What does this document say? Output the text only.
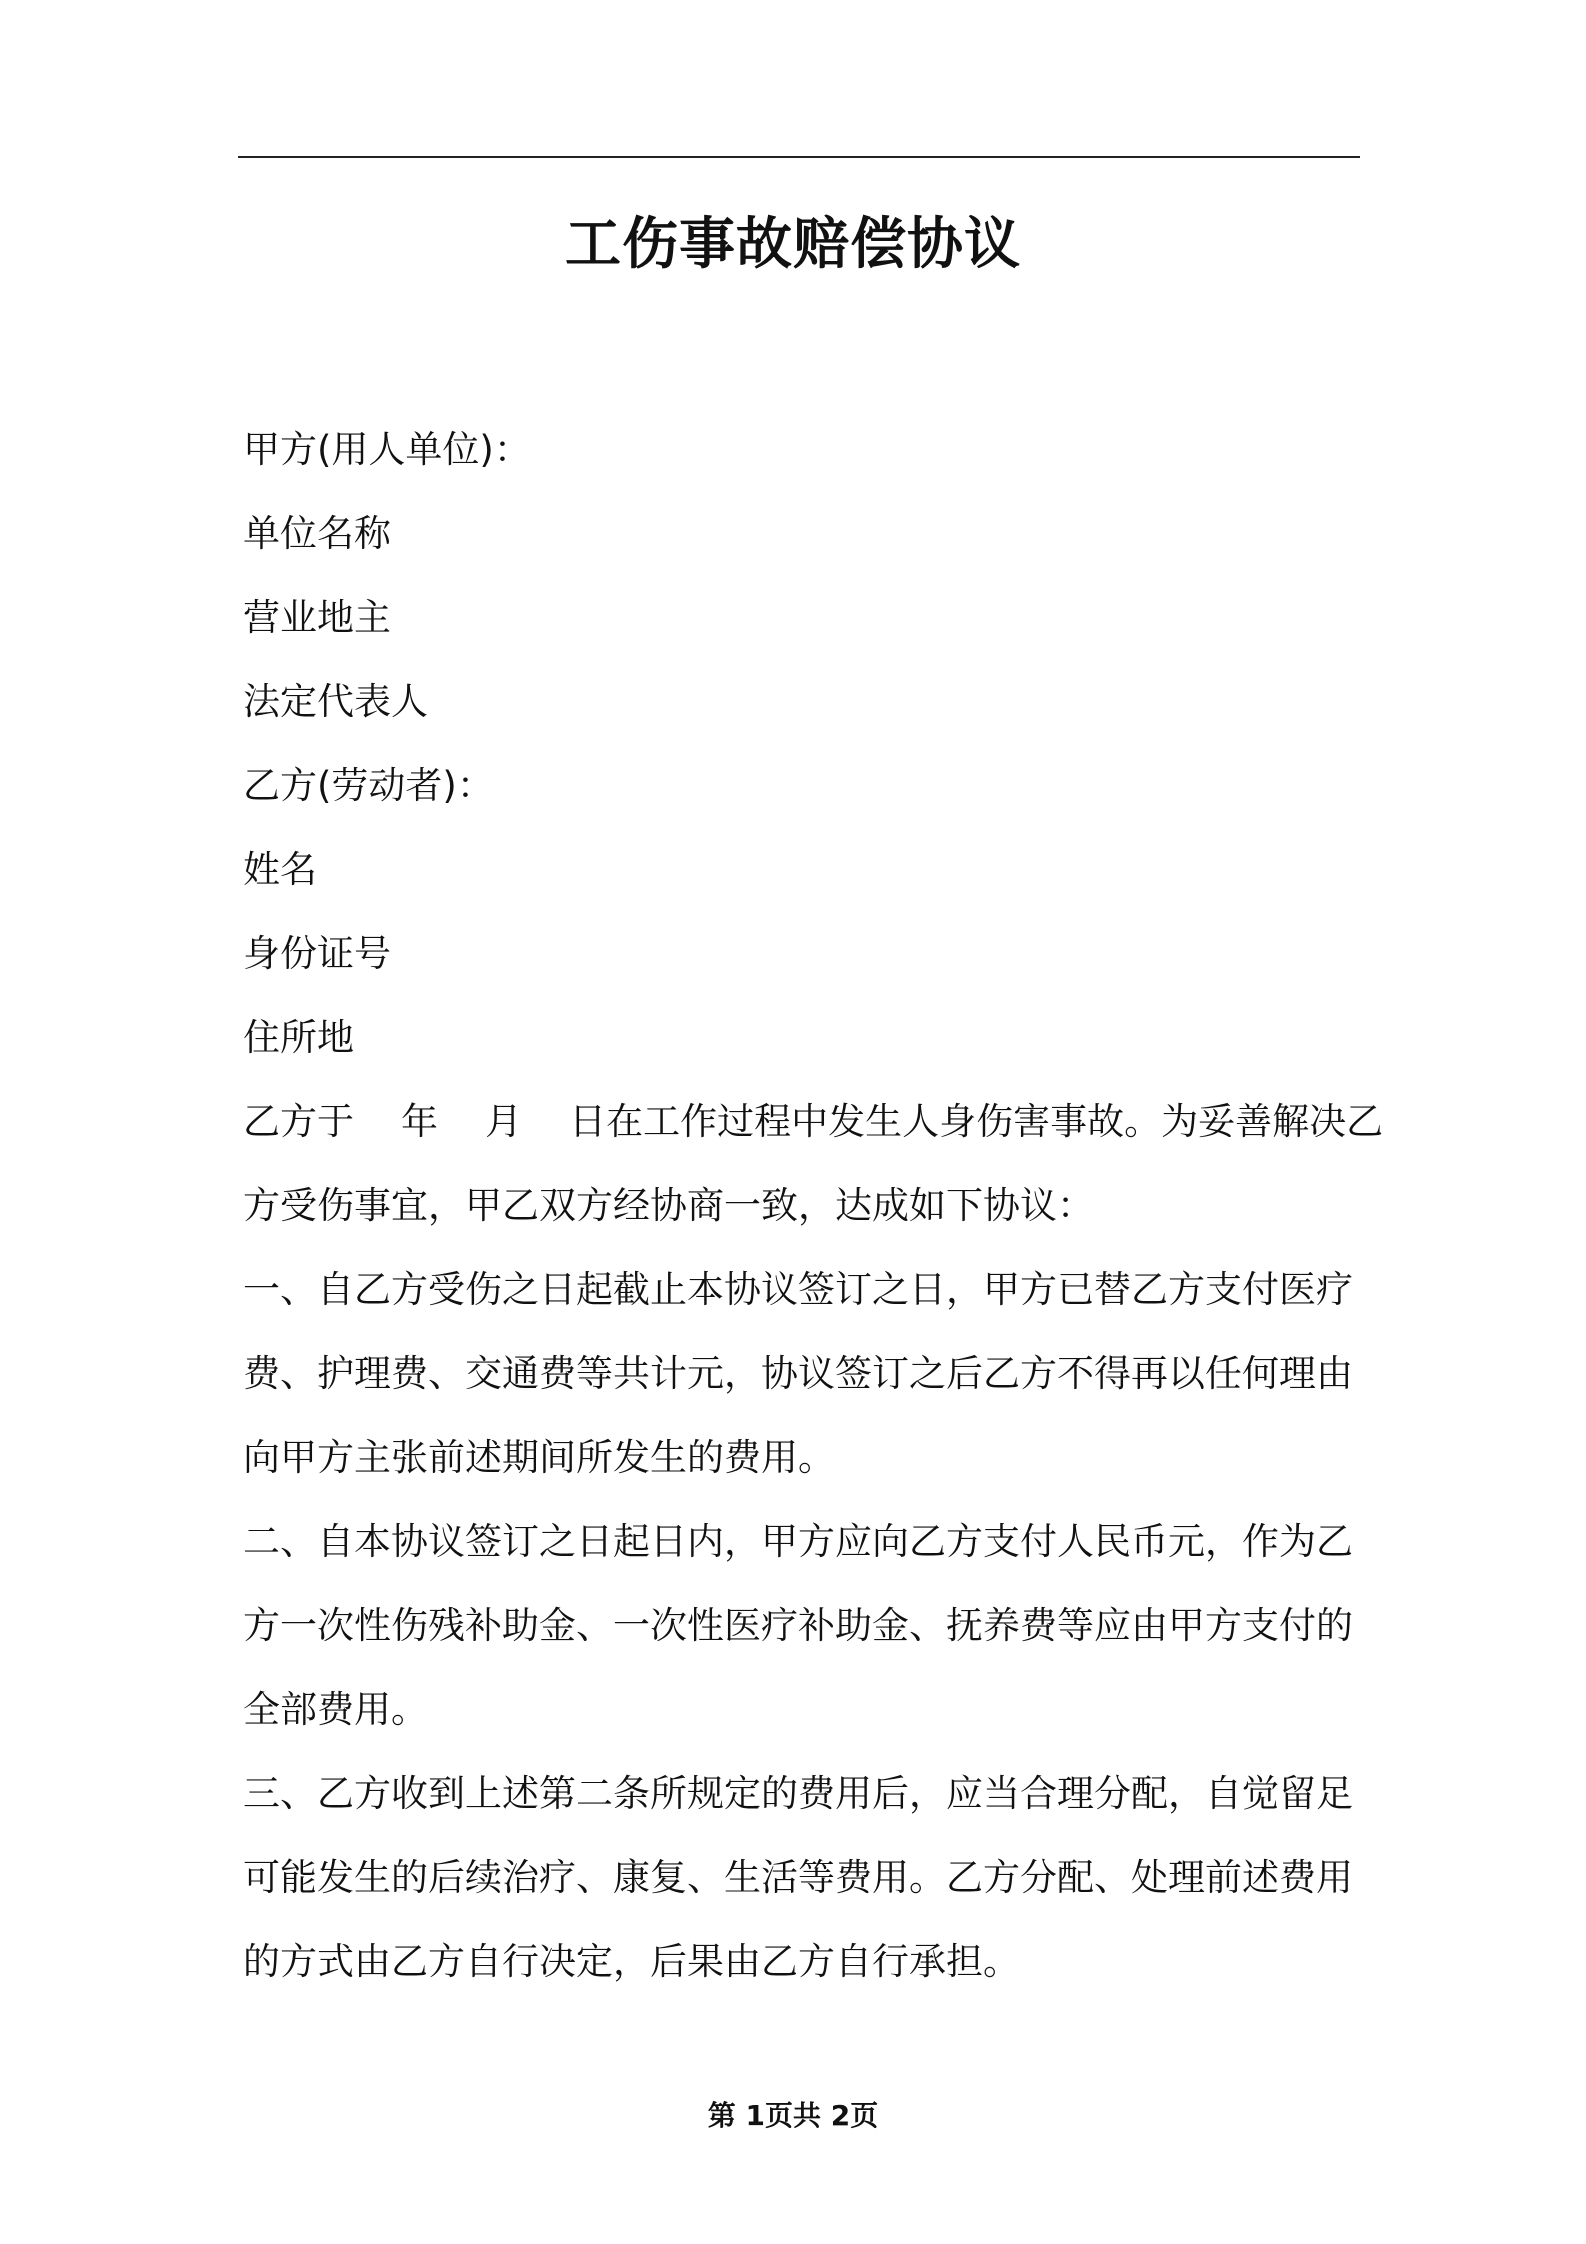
工伤事故赔偿协议
甲方(用人单位)：
单位名称
营业地主
法定代表人
乙方(劳动者)：
姓名
身份证号
住所地
乙方于    年    月    日在工作过程中发生人身伤害事故。为妥善解决乙
方受伤事宜，甲乙双方经协商一致，达成如下协议：
一、自乙方受伤之日起截止本协议签订之日，甲方已替乙方支付医疗
费、护理费、交通费等共计元，协议签订之后乙方不得再以任何理由
向甲方主张前述期间所发生的费用。
二、自本协议签订之日起日内，甲方应向乙方支付人民币元，作为乙
方一次性伤残补助金、一次性医疗补助金、抚养费等应由甲方支付的
全部费用。
三、乙方收到上述第二条所规定的费用后，应当合理分配，自觉留足
可能发生的后续治疗、康复、生活等费用。乙方分配、处理前述费用
的方式由乙方自行决定，后果由乙方自行承担。
第 1页共 2页
